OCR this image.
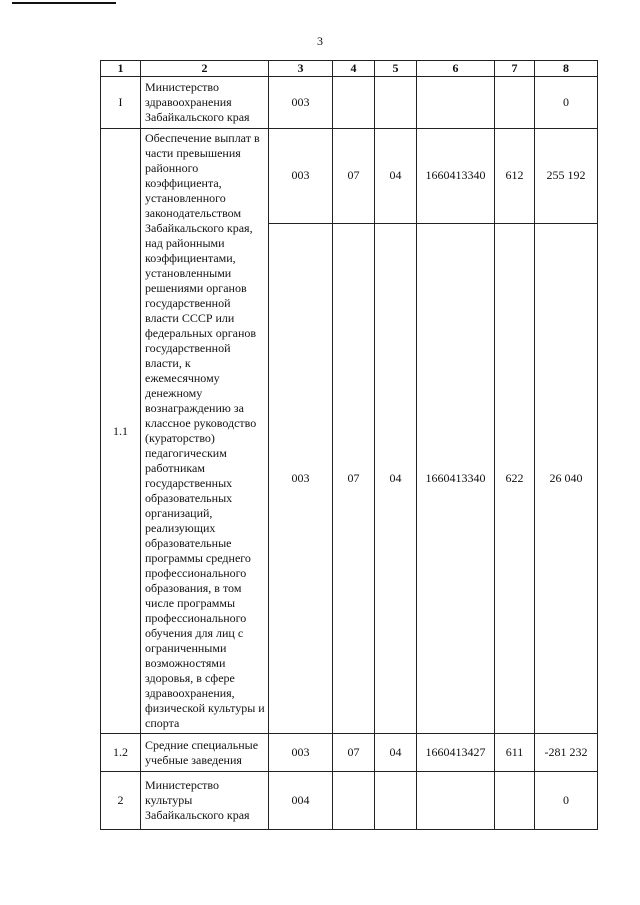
3
1	2	3	4	5	6	7	8
I	Министерство здравоохранения Забайкальского края	003					0
1.1	Обеспечение выплат в части превышения районного коэффициента, установленного законодательством Забайкальского края, над районными коэффициентами, установленными решениями органов государственной власти СССР или федеральных органов государственной власти, к ежемесячному денежному вознаграждению за классное руководство (кураторство) педагогическим работникам государственных образовательных организаций, реализующих образовательные программы среднего профессионального образования, в том числе программы профессионального обучения для лиц с ограниченными возможностями здоровья, в сфере здравоохранения, физической культуры и спорта	003	07	04	1660413340	612	255 192
		003	07	04	1660413340	622	26 040
1.2	Средние специальные учебные заведения	003	07	04	1660413427	611	-281 232
2	Министерство культуры Забайкальского края	004					0
